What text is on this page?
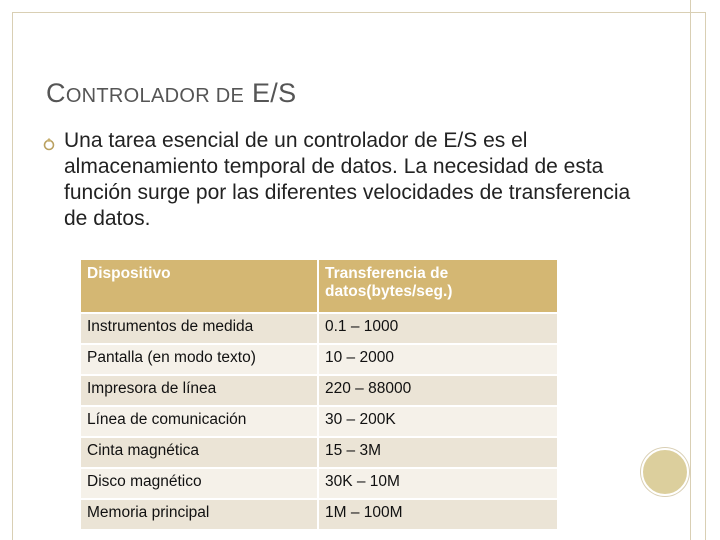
CONTROLADOR DE E/S
Una tarea esencial de un controlador de E/S es el almacenamiento temporal de datos. La necesidad de esta función surge por las diferentes velocidades de transferencia de datos.
Dispositivo	Transferencia de datos(bytes/seg.)
Instrumentos de medida	0.1 – 1000
Pantalla (en modo texto)	10 – 2000
Impresora de línea	220 – 88000
Línea de comunicación	30 – 200K
Cinta magnética	15 – 3M
Disco magnético	30K – 10M
Memoria principal	1M – 100M
